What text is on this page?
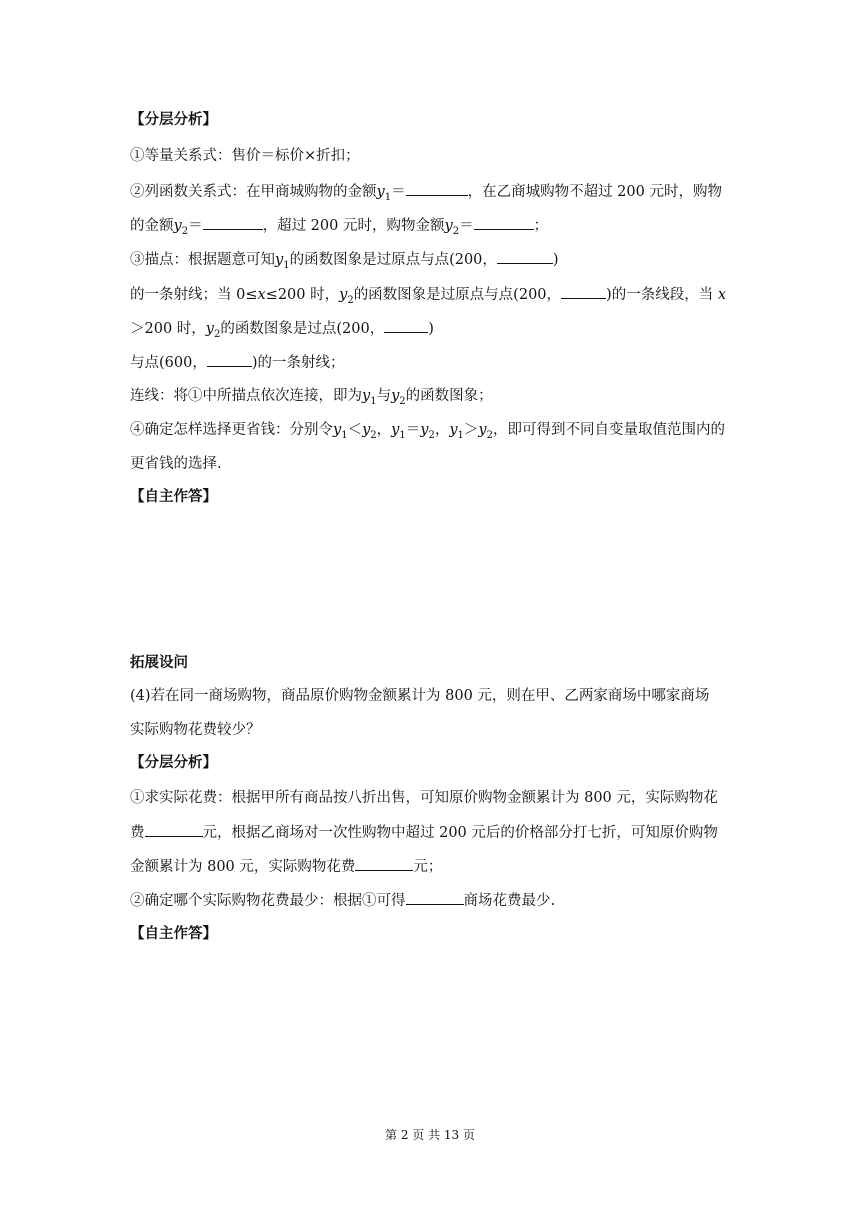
【分层分析】
①等量关系式：售价＝标价×折扣；
②列函数关系式：在甲商城购物的金额$y_1=$	，在乙商城购物不超过 200 元时，购物
的金额$y_2=$	，超过 200 元时，购物金额$y_2=$	；
③描点：根据题意可知$y_1$的函数图象是过原点与点(200，	)
的一条射线；当 0≤x≤200 时，$y_2$的函数图象是过原点与点(200，	)的一条线段，当 x
＞200 时，$y_2$的函数图象是过点(200，	)
与点(600，	)的一条射线；
连线：将①中所描点依次连接，即为$y_1$与$y_2$的函数图象；
④确定怎样选择更省钱：分别令$y_1<y_2$，$y_1=y_2$，$y_1>y_2$，即可得到不同自变量取值范围内的
更省钱的选择.
【自主作答】
拓展设问
(4)若在同一商场购物，商品原价购物金额累计为 800 元，则在甲、乙两家商场中哪家商场
实际购物花费较少？
【分层分析】
①求实际花费：根据甲所有商品按八折出售，可知原价购物金额累计为 800 元，实际购物花
费	元，根据乙商场对一次性购物中超过 200 元后的价格部分打七折，可知原价购物
金额累计为 800 元，实际购物花费	元；
②确定哪个实际购物花费最少：根据①可得	商场花费最少.
【自主作答】
第 2 页 共 13 页
